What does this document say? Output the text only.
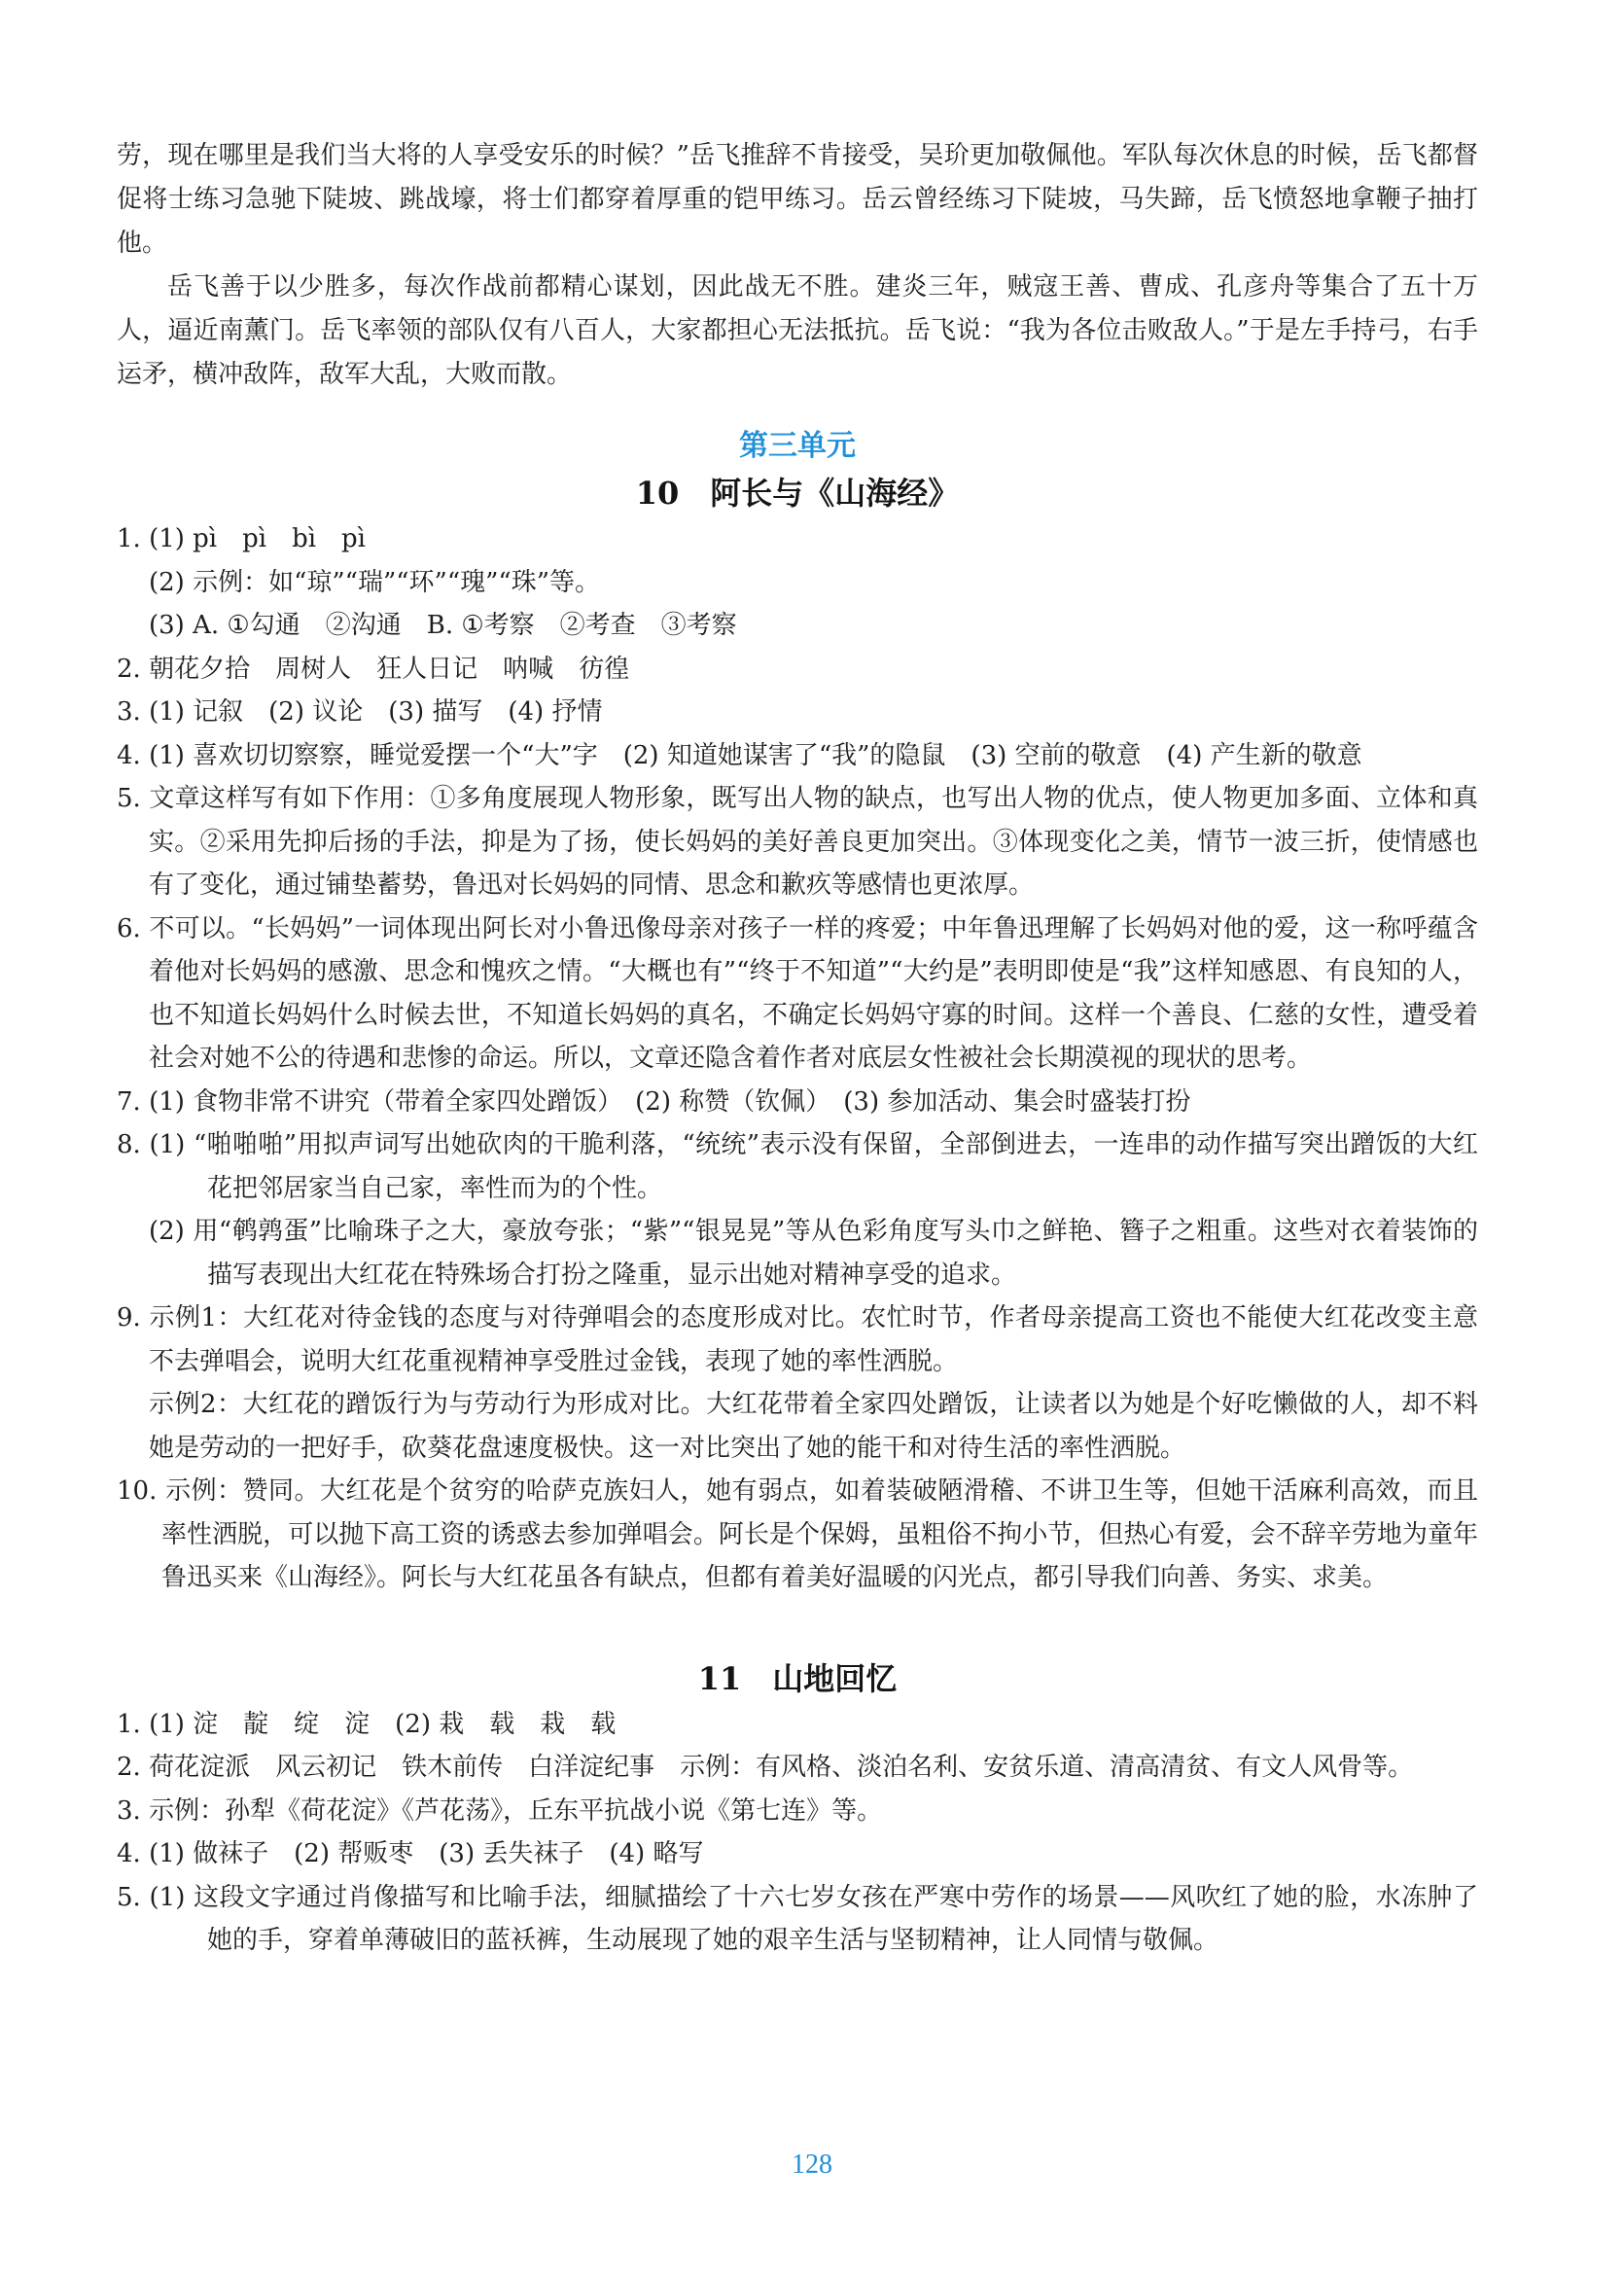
劳，现在哪里是我们当大将的人享受安乐的时候？”岳飞推辞不肯接受，吴玠更加敬佩他。军队每次休息的时候，岳飞都督促将士练习急驰下陡坡、跳战壕，将士们都穿着厚重的铠甲练习。岳云曾经练习下陡坡，马失蹄，岳飞愤怒地拿鞭子抽打他。

岳飞善于以少胜多，每次作战前都精心谋划，因此战无不胜。建炎三年，贼寇王善、曹成、孔彦舟等集合了五十万人，逼近南薰门。岳飞率领的部队仅有八百人，大家都担心无法抵抗。岳飞说：“我为各位击败敌人。”于是左手持弓，右手运矛，横冲敌阵，敌军大乱，大败而散。

第三单元

10　阿长与《山海经》

1. (1) pì　pì　bì　pì

(2) 示例：如“琼”“瑞”“环”“瑰”“珠”等。

(3) A. ①勾通　②沟通　B. ①考察　②考查　③考察

2. 朝花夕拾　周树人　狂人日记　呐喊　彷徨

3. (1) 记叙　(2) 议论　(3) 描写　(4) 抒情

4. (1) 喜欢切切察察，睡觉爱摆一个“大”字　(2) 知道她谋害了“我”的隐鼠　(3) 空前的敬意　(4) 产生新的敬意

5. 文章这样写有如下作用：①多角度展现人物形象，既写出人物的缺点，也写出人物的优点，使人物更加多面、立体和真实。②采用先抑后扬的手法，抑是为了扬，使长妈妈的美好善良更加突出。③体现变化之美，情节一波三折，使情感也有了变化，通过铺垫蓄势，鲁迅对长妈妈的同情、思念和歉疚等感情也更浓厚。

6. 不可以。“长妈妈”一词体现出阿长对小鲁迅像母亲对孩子一样的疼爱；中年鲁迅理解了长妈妈对他的爱，这一称呼蕴含着他对长妈妈的感激、思念和愧疚之情。“大概也有”“终于不知道”“大约是”表明即使是“我”这样知感恩、有良知的人，也不知道长妈妈什么时候去世，不知道长妈妈的真名，不确定长妈妈守寡的时间。这样一个善良、仁慈的女性，遭受着社会对她不公的待遇和悲惨的命运。所以，文章还隐含着作者对底层女性被社会长期漠视的现状的思考。

7. (1) 食物非常不讲究（带着全家四处蹭饭）　(2) 称赞（钦佩）　(3) 参加活动、集会时盛装打扮

8. (1) “啪啪啪”用拟声词写出她砍肉的干脆利落，“统统”表示没有保留，全部倒进去，一连串的动作描写突出蹭饭的大红花把邻居家当自己家，率性而为的个性。

(2) 用“鹌鹑蛋”比喻珠子之大，豪放夸张；“紫”“银晃晃”等从色彩角度写头巾之鲜艳、簪子之粗重。这些对衣着装饰的描写表现出大红花在特殊场合打扮之隆重，显示出她对精神享受的追求。

9. 示例1：大红花对待金钱的态度与对待弹唱会的态度形成对比。农忙时节，作者母亲提高工资也不能使大红花改变主意不去弹唱会，说明大红花重视精神享受胜过金钱，表现了她的率性洒脱。

示例2：大红花的蹭饭行为与劳动行为形成对比。大红花带着全家四处蹭饭，让读者以为她是个好吃懒做的人，却不料她是劳动的一把好手，砍葵花盘速度极快。这一对比突出了她的能干和对待生活的率性洒脱。

10. 示例：赞同。大红花是个贫穷的哈萨克族妇人，她有弱点，如着装破陋滑稽、不讲卫生等，但她干活麻利高效，而且率性洒脱，可以抛下高工资的诱惑去参加弹唱会。阿长是个保姆，虽粗俗不拘小节，但热心有爱，会不辞辛劳地为童年鲁迅买来《山海经》。阿长与大红花虽各有缺点，但都有着美好温暖的闪光点，都引导我们向善、务实、求美。

11　山地回忆

1. (1) 淀　靛　绽　淀　(2) 栽　载　栽　载

2. 荷花淀派　风云初记　铁木前传　白洋淀纪事　示例：有风格、淡泊名利、安贫乐道、清高清贫、有文人风骨等。

3. 示例：孙犁《荷花淀》《芦花荡》，丘东平抗战小说《第七连》等。

4. (1) 做袜子　(2) 帮贩枣　(3) 丢失袜子　(4) 略写

5. (1) 这段文字通过肖像描写和比喻手法，细腻描绘了十六七岁女孩在严寒中劳作的场景——风吹红了她的脸，水冻肿了她的手，穿着单薄破旧的蓝袄裤，生动展现了她的艰辛生活与坚韧精神，让人同情与敬佩。

128
